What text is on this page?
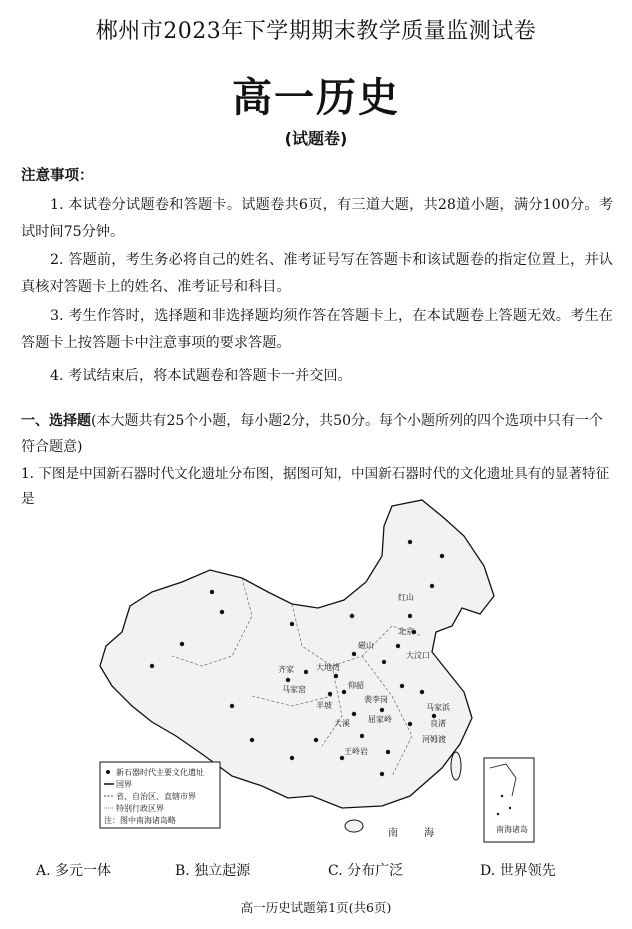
郴州市2023年下学期期末教学质量监测试卷
高一历史
(试题卷)
注意事项：
1. 本试卷分试题卷和答题卡。试题卷共6页，有三道大题，共28道小题，满分100分。考试时间75分钟。
2. 答题前，考生务必将自己的姓名、准考证号写在答题卡和该试题卷的指定位置上，并认真核对答题卡上的姓名、准考证号和科目。
3. 考生作答时，选择题和非选择题均须作答在答题卡上，在本试题卷上答题无效。考生在答题卡上按答题卡中注意事项的要求答题。
4. 考试结束后，将本试题卷和答题卡一并交回。
一、选择题(本大题共有25个小题，每小题2分，共50分。每个小题所列的四个选项中只有一个符合题意)
1. 下图是中国新石器时代文化遗址分布图，据图可知，中国新石器时代的文化遗址具有的显著特征是
红山
北京
大汶口
齐家
马家窑	仰韶
半坡
大地湾
磁山
裴李岗
河姆渡
马家浜
王岭岩
屈家岭
大溪	良渚
南	海
新石器时代主要文化遗址
国界
省、自治区、直辖市界
特别行政区界
注：图中南海诸岛略
南海诸岛
A. 多元一体	B. 独立起源	C. 分布广泛	D. 世界领先
高一历史试题第1页(共6页)
